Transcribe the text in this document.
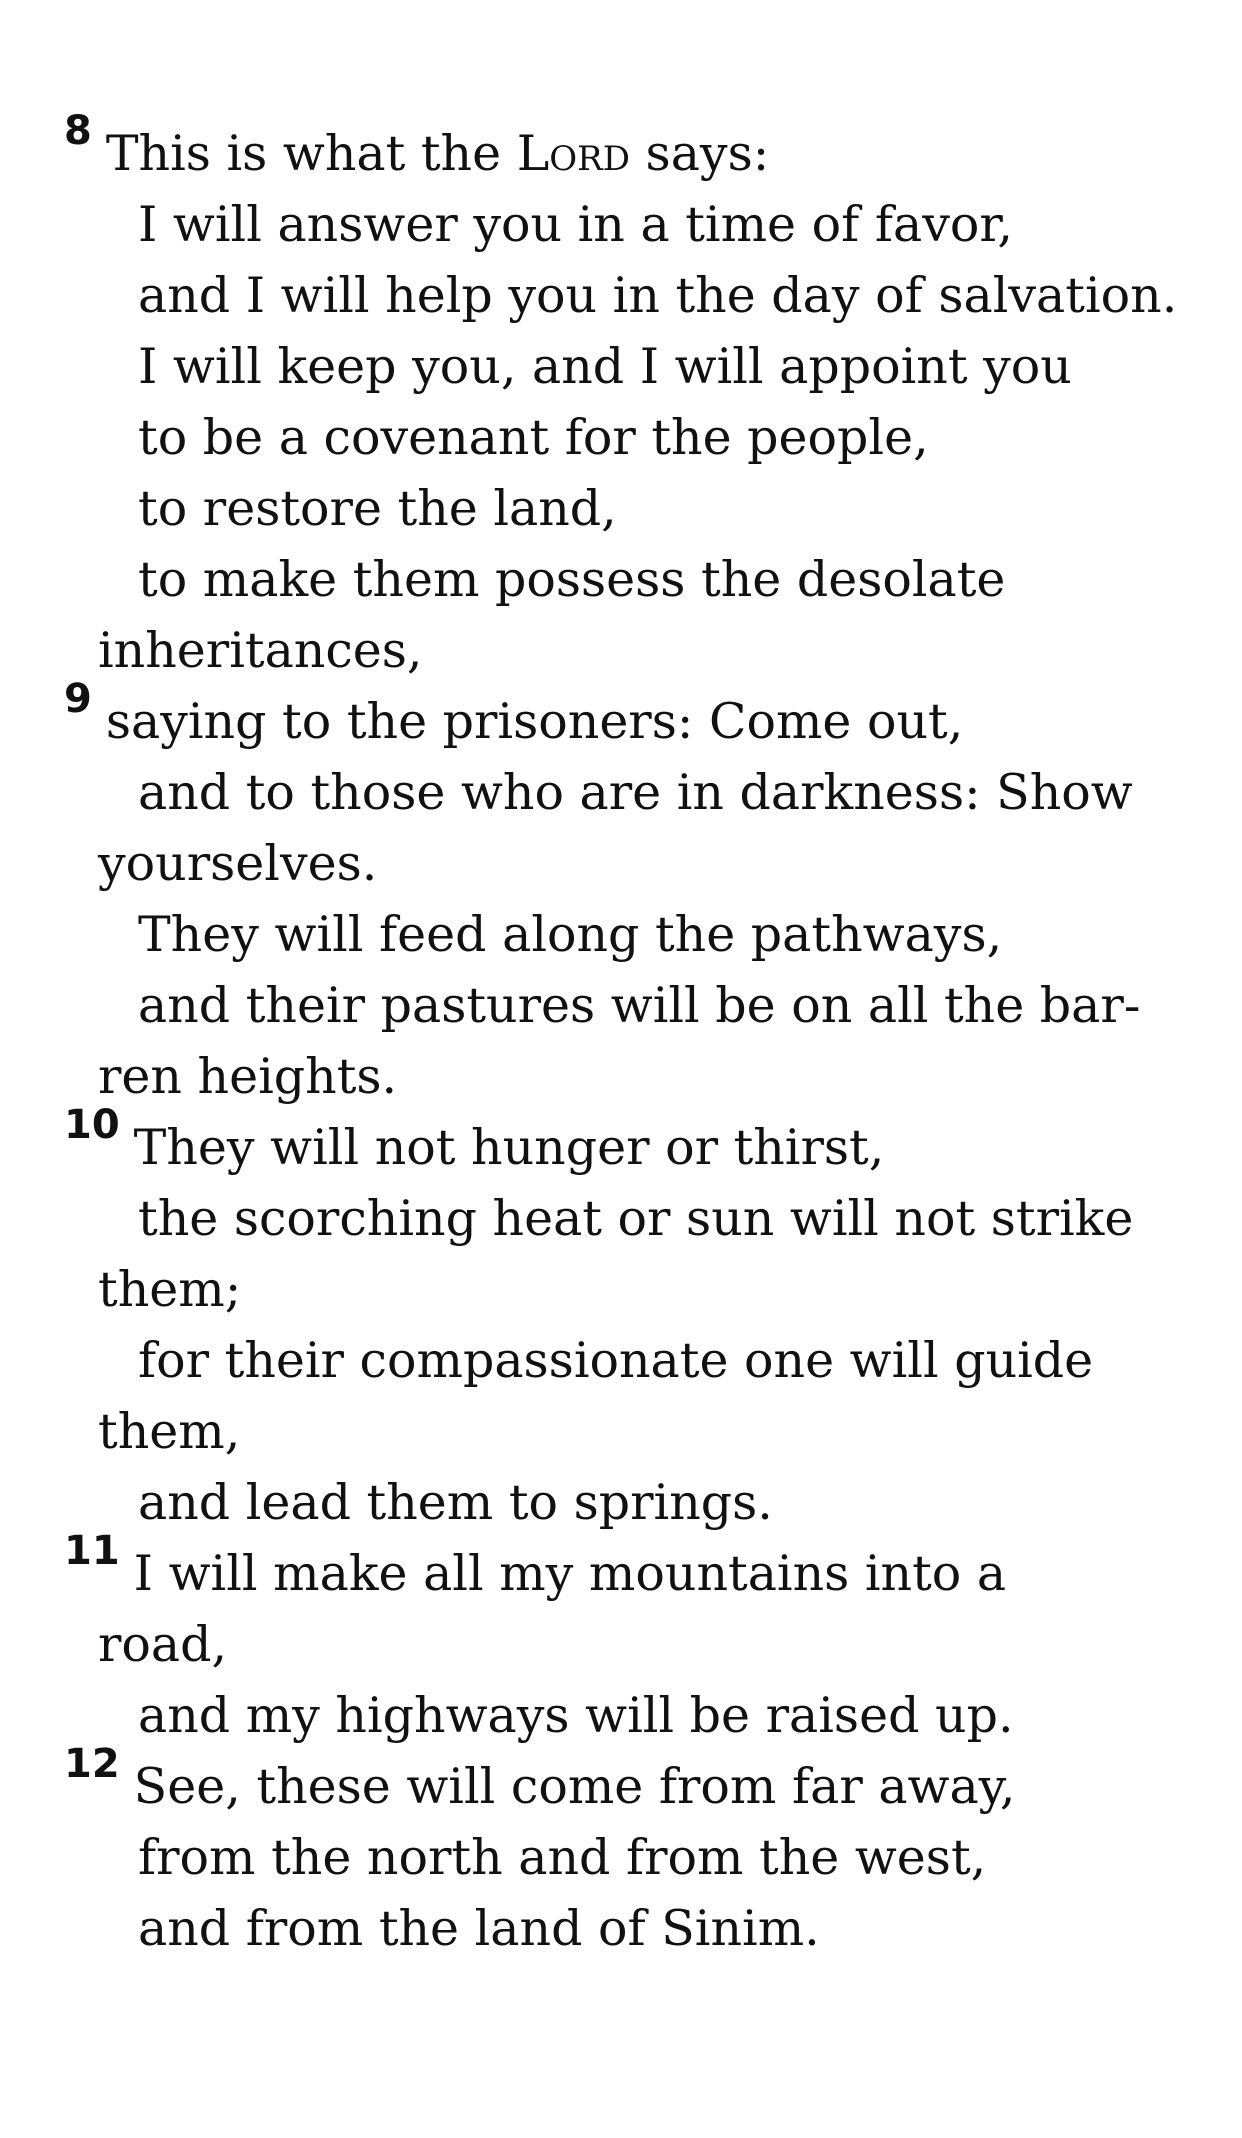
$^8$ This is what the Lord says:
I will answer you in a time of favor,
and I will help you in the day of salvation.
I will keep you, and I will appoint you
to be a covenant for the people,
to restore the land,
to make them possess the desolate
inheritances,
$^9$ saying to the prisoners: Come out,
and to those who are in darkness: Show
yourselves.
They will feed along the pathways,
and their pastures will be on all the bar-
ren heights.
$^{10}$ They will not hunger or thirst,
the scorching heat or sun will not strike
them;
for their compassionate one will guide
them,
and lead them to springs.
$^{11}$ I will make all my mountains into a
road,
and my highways will be raised up.
$^{12}$ See, these will come from far away,
from the north and from the west,
and from the land of Sinim.
